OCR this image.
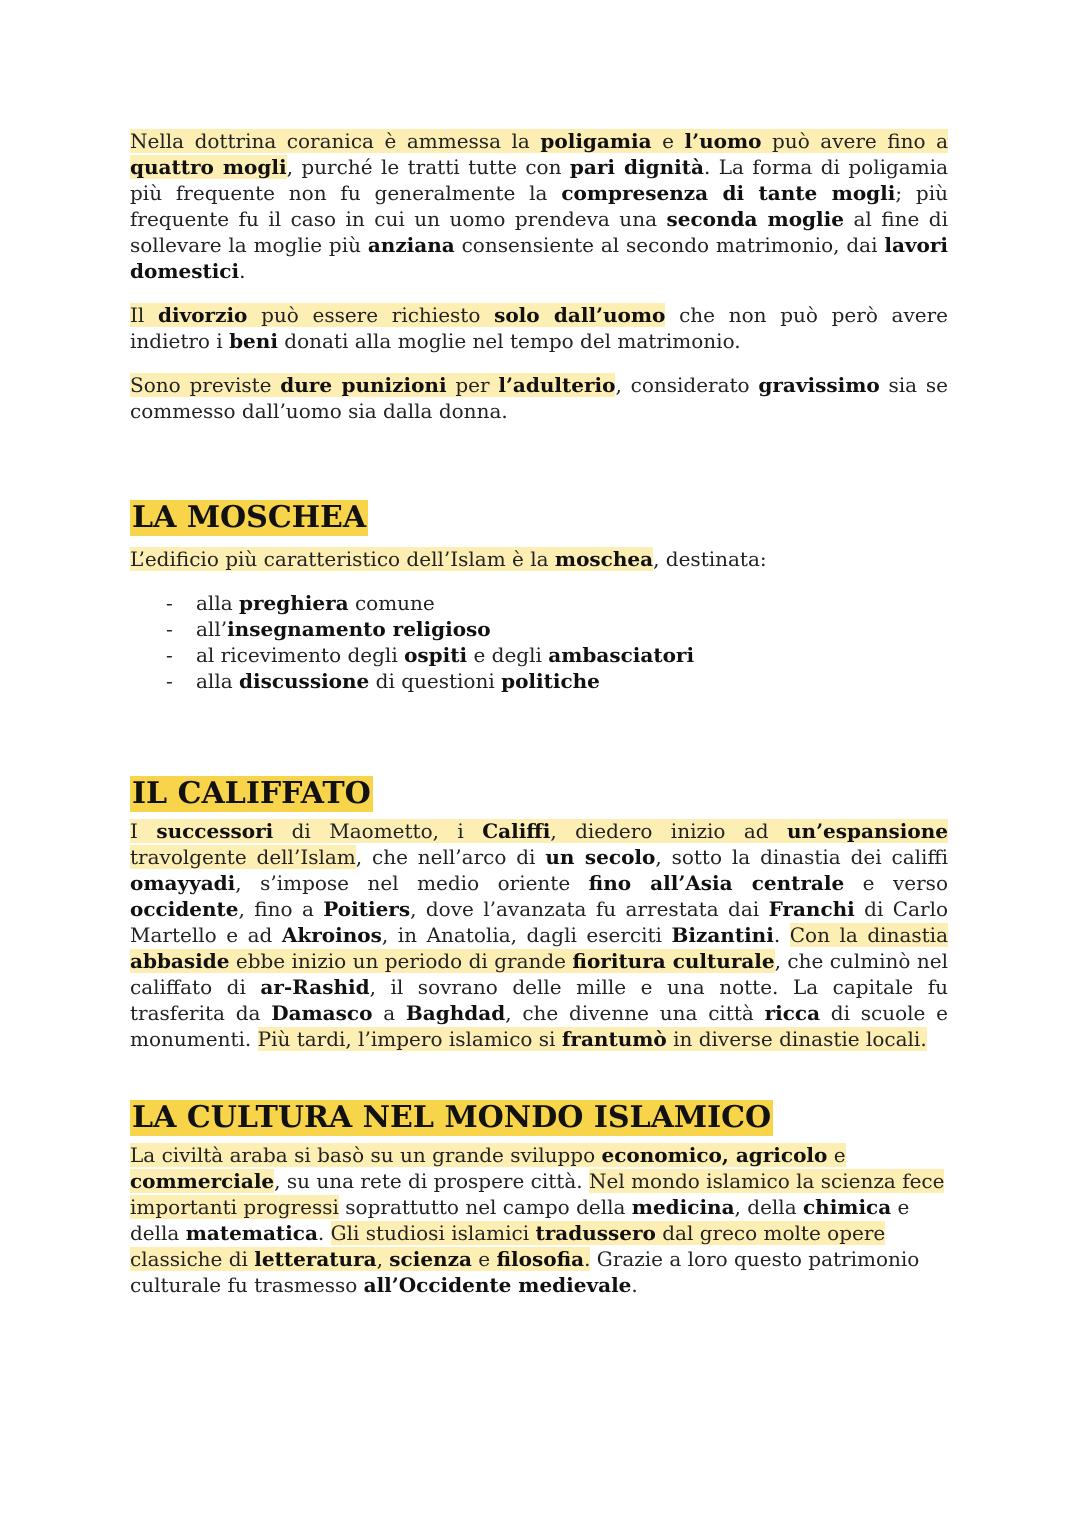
Nella dottrina coranica è ammessa la poligamia e l’uomo può avere fino a quattro mogli, purché le tratti tutte con pari dignità. La forma di poligamia più frequente non fu generalmente la compresenza di tante mogli; più frequente fu il caso in cui un uomo prendeva una seconda moglie al fine di sollevare la moglie più anziana consensiente al secondo matrimonio, dai lavori domestici.

Il divorzio può essere richiesto solo dall’uomo che non può però avere indietro i beni donati alla moglie nel tempo del matrimonio.

Sono previste dure punizioni per l’adulterio, considerato gravissimo sia se commesso dall’uomo sia dalla donna.

LA MOSCHEA

L’edificio più caratteristico dell’Islam è la moschea, destinata:

- alla preghiera comune
- all’insegnamento religioso
- al ricevimento degli ospiti e degli ambasciatori
- alla discussione di questioni politiche
IL CALIFFATO

I successori di Maometto, i Califfi, diedero inizio ad un’espansione travolgente dell’Islam, che nell’arco di un secolo, sotto la dinastia dei califfi omayyadi, s’impose nel medio oriente fino all’Asia centrale e verso occidente, fino a Poitiers, dove l’avanzata fu arrestata dai Franchi di Carlo Martello e ad Akroinos, in Anatolia, dagli eserciti Bizantini. Con la dinastia abbaside ebbe inizio un periodo di grande fioritura culturale, che culminò nel califfato di ar-Rashid, il sovrano delle mille e una notte. La capitale fu trasferita da Damasco a Baghdad, che divenne una città ricca di scuole e monumenti. Più tardi, l’impero islamico si frantumò in diverse dinastie locali.

LA CULTURA NEL MONDO ISLAMICO

La civiltà araba si basò su un grande sviluppo economico, agricolo e commerciale, su una rete di prospere città. Nel mondo islamico la scienza fece importanti progressi soprattutto nel campo della medicina, della chimica e della matematica. Gli studiosi islamici tradussero dal greco molte opere classiche di letteratura, scienza e filosofia. Grazie a loro questo patrimonio culturale fu trasmesso all’Occidente medievale.
